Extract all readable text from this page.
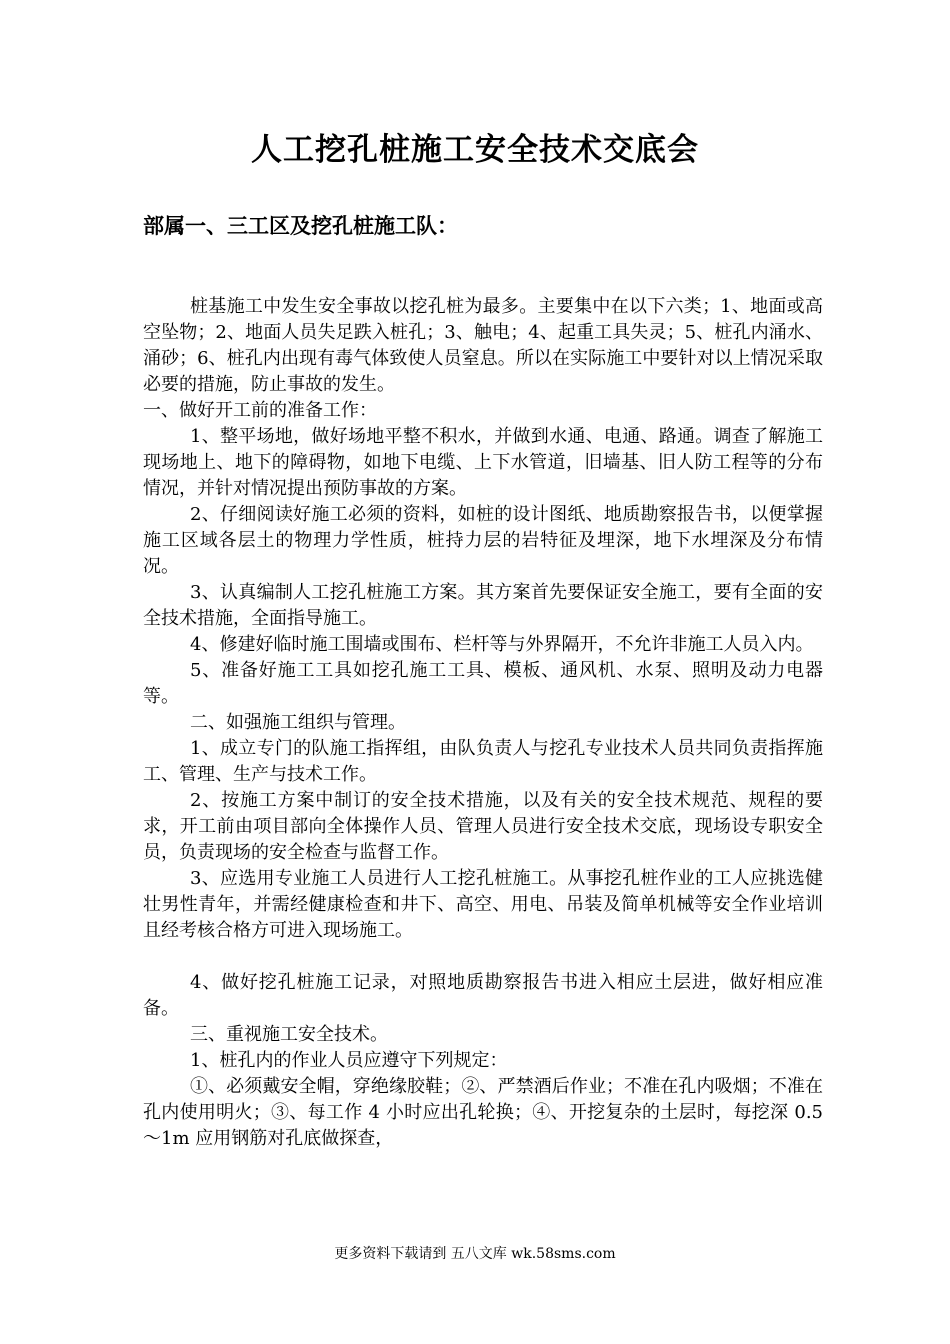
人工挖孔桩施工安全技术交底会
部属一、三工区及挖孔桩施工队：

桩基施工中发生安全事故以挖孔桩为最多。主要集中在以下六类；1、地面或高空坠物；2、地面人员失足跌入桩孔；3、触电；4、起重工具失灵；5、桩孔内涌水、涌砂；6、桩孔内出现有毒气体致使人员窒息。所以在实际施工中要针对以上情况采取必要的措施，防止事故的发生。

一、做好开工前的准备工作：

1、整平场地，做好场地平整不积水，并做到水通、电通、路通。调查了解施工现场地上、地下的障碍物，如地下电缆、上下水管道，旧墙基、旧人防工程等的分布情况，并针对情况提出预防事故的方案。

2、仔细阅读好施工必须的资料，如桩的设计图纸、地质勘察报告书，以便掌握施工区域各层土的物理力学性质，桩持力层的岩特征及埋深，地下水埋深及分布情况。

3、认真编制人工挖孔桩施工方案。其方案首先要保证安全施工，要有全面的安全技术措施，全面指导施工。

4、修建好临时施工围墙或围布、栏杆等与外界隔开，不允许非施工人员入内。

5、准备好施工工具如挖孔施工工具、模板、通风机、水泵、照明及动力电器等。

二、如强施工组织与管理。

1、成立专门的队施工指挥组，由队负责人与挖孔专业技术人员共同负责指挥施工、管理、生产与技术工作。

2、按施工方案中制订的安全技术措施，以及有关的安全技术规范、规程的要求，开工前由项目部向全体操作人员、管理人员进行安全技术交底，现场设专职安全员，负责现场的安全检查与监督工作。

3、应选用专业施工人员进行人工挖孔桩施工。从事挖孔桩作业的工人应挑选健壮男性青年，并需经健康检查和井下、高空、用电、吊装及简单机械等安全作业培训且经考核合格方可进入现场施工。

4、做好挖孔桩施工记录，对照地质勘察报告书进入相应土层进，做好相应准备。

三、重视施工安全技术。

1、桩孔内的作业人员应遵守下列规定：

①、必须戴安全帽，穿绝缘胶鞋；②、严禁酒后作业；不准在孔内吸烟；不准在孔内使用明火；③、每工作 4 小时应出孔轮换；④、开挖复杂的土层时，每挖深 0.5～1m 应用钢筋对孔底做探查，

更多资料下载请到 五八文库 wk.58sms.com
